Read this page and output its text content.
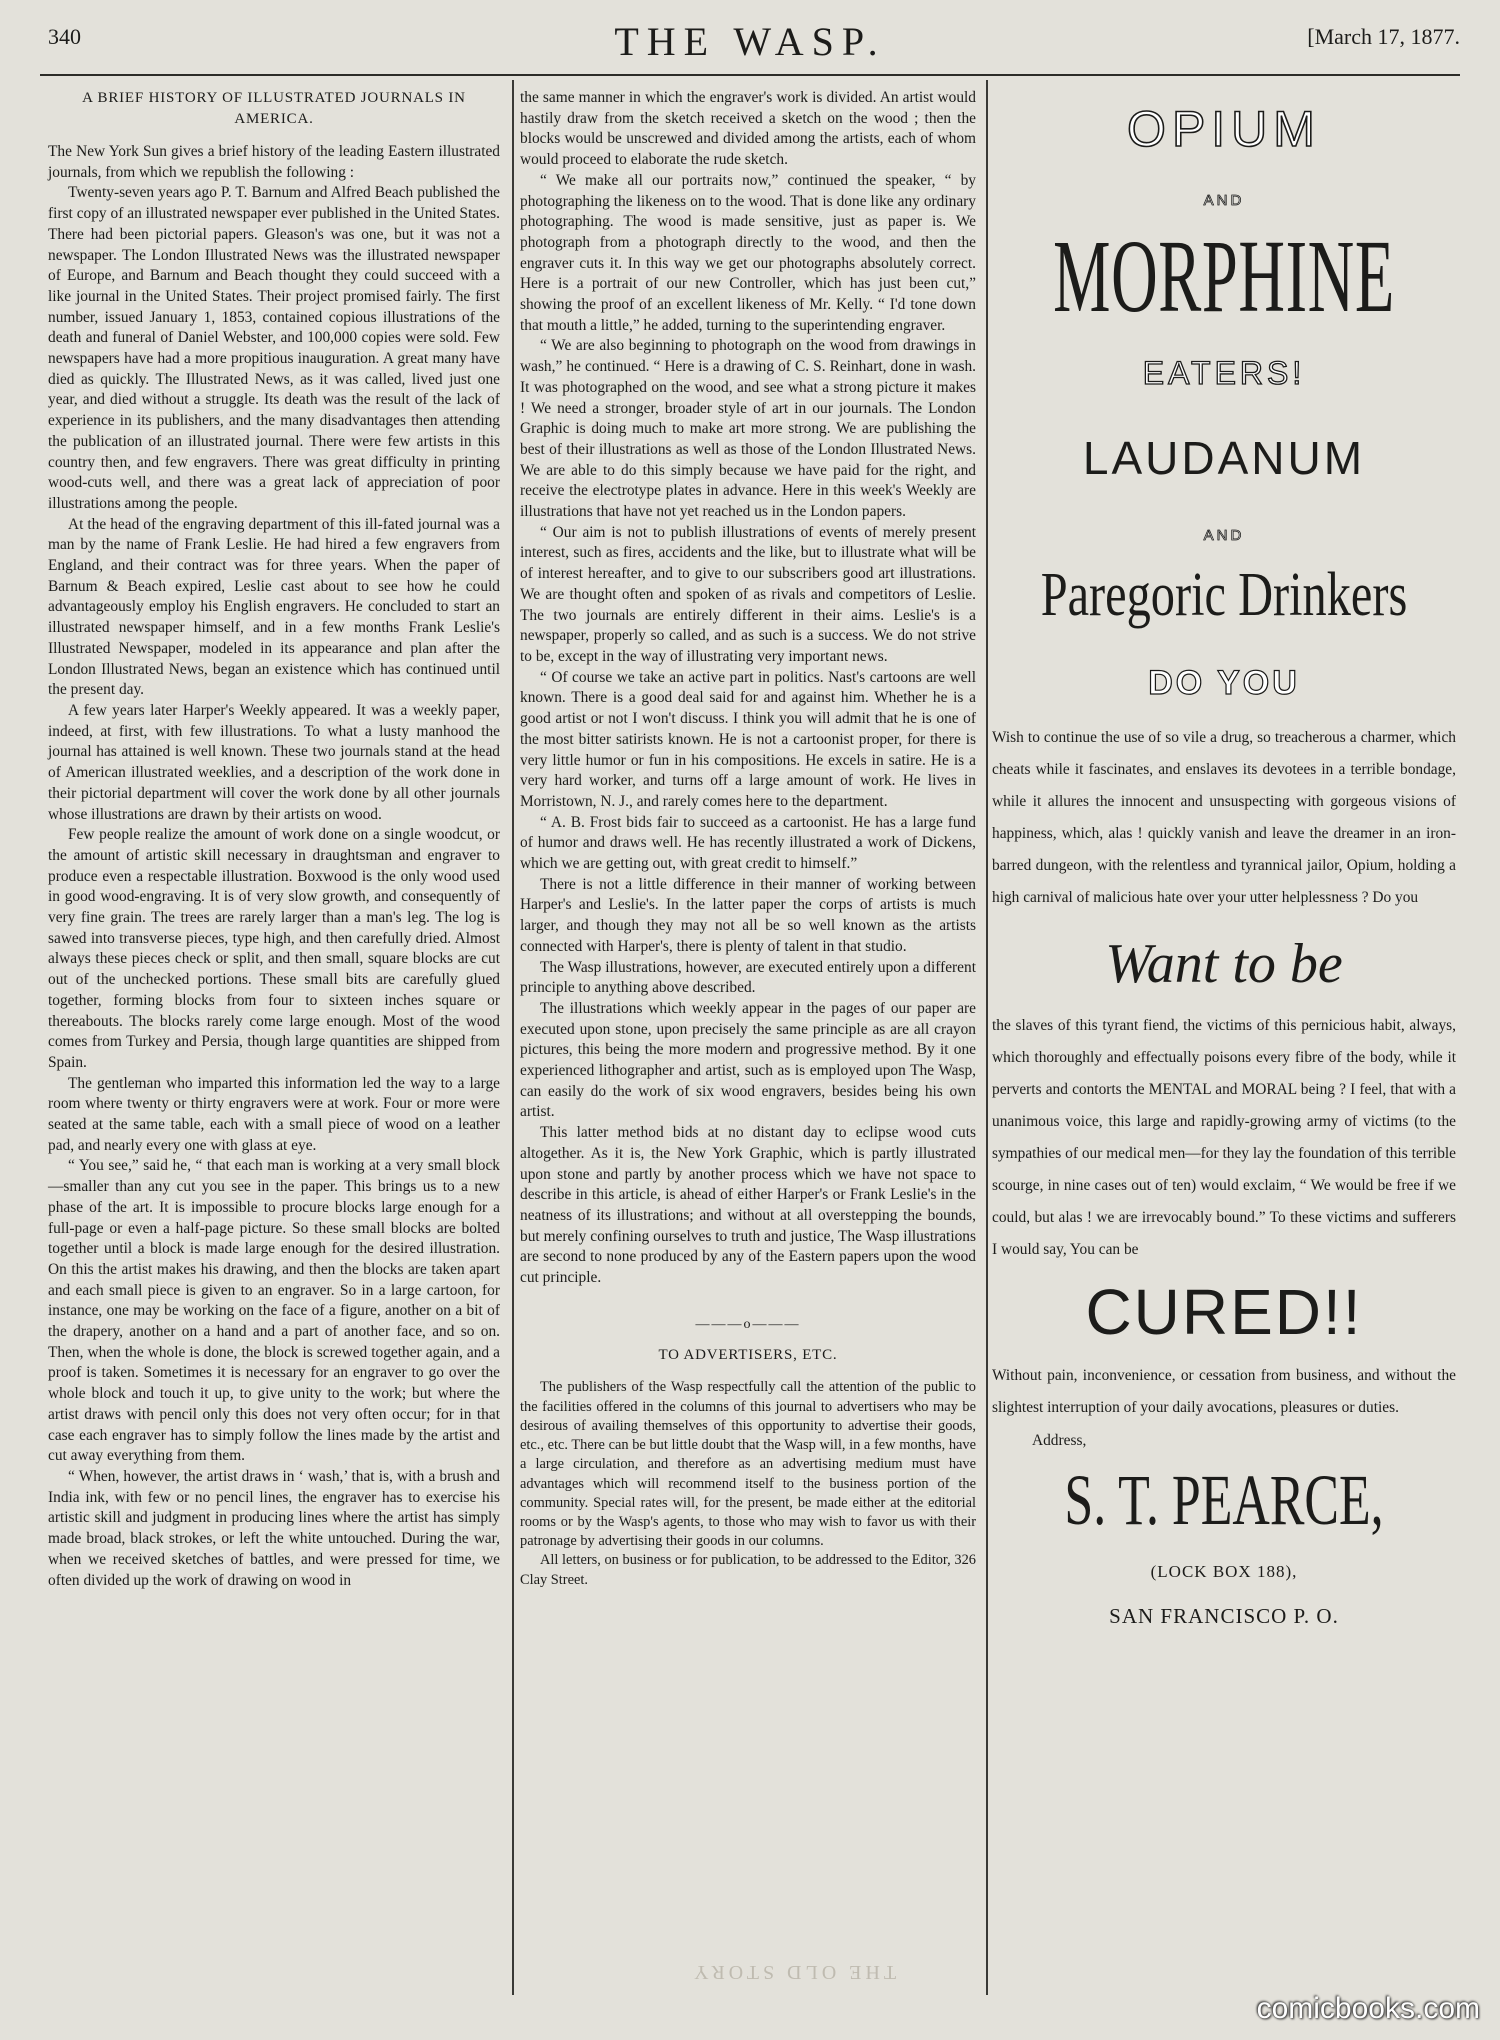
340	THE WASP.	[March 17, 1877.

A BRIEF HISTORY OF ILLUSTRATED JOURNALS IN AMERICA.

The New York Sun gives a brief history of the leading Eastern illustrated journals, from which we republish the following :

Twenty-seven years ago P. T. Barnum and Alfred Beach published the first copy of an illustrated newspaper ever published in the United States. There had been pictorial papers. Gleason's was one, but it was not a newspaper. The London Illustrated News was the illustrated newspaper of Europe, and Barnum and Beach thought they could succeed with a like journal in the United States. Their project promised fairly. The first number, issued January 1, 1853, contained copious illustrations of the death and funeral of Daniel Webster, and 100,000 copies were sold. Few newspapers have had a more propitious inauguration. A great many have died as quickly. The Illustrated News, as it was called, lived just one year, and died without a struggle. Its death was the result of the lack of experience in its publishers, and the many disadvantages then attending the publication of an illustrated journal. There were few artists in this country then, and few engravers. There was great difficulty in printing wood-cuts well, and there was a great lack of appreciation of poor illustrations among the people.

At the head of the engraving department of this ill-fated journal was a man by the name of Frank Leslie. He had hired a few engravers from England, and their contract was for three years. When the paper of Barnum & Beach expired, Leslie cast about to see how he could advantageously employ his English engravers. He concluded to start an illustrated newspaper himself, and in a few months Frank Leslie's Illustrated Newspaper, modeled in its appearance and plan after the London Illustrated News, began an existence which has continued until the present day.

A few years later Harper's Weekly appeared. It was a weekly paper, indeed, at first, with few illustrations. To what a lusty manhood the journal has attained is well known. These two journals stand at the head of American illustrated weeklies, and a description of the work done in their pictorial department will cover the work done by all other journals whose illustrations are drawn by their artists on wood.

Few people realize the amount of work done on a single woodcut, or the amount of artistic skill necessary in draughtsman and engraver to produce even a respectable illustration. Boxwood is the only wood used in good wood-engraving. It is of very slow growth, and consequently of very fine grain. The trees are rarely larger than a man's leg. The log is sawed into transverse pieces, type high, and then carefully dried. Almost always these pieces check or split, and then small, square blocks are cut out of the unchecked portions. These small bits are carefully glued together, forming blocks from four to sixteen inches square or thereabouts. The blocks rarely come large enough. Most of the wood comes from Turkey and Persia, though large quantities are shipped from Spain.

The gentleman who imparted this information led the way to a large room where twenty or thirty engravers were at work. Four or more were seated at the same table, each with a small piece of wood on a leather pad, and nearly every one with glass at eye.

“ You see,” said he, “ that each man is working at a very small block—smaller than any cut you see in the paper. This brings us to a new phase of the art. It is impossible to procure blocks large enough for a full-page or even a half-page picture. So these small blocks are bolted together until a block is made large enough for the desired illustration. On this the artist makes his drawing, and then the blocks are taken apart and each small piece is given to an engraver. So in a large cartoon, for instance, one may be working on the face of a figure, another on a bit of the drapery, another on a hand and a part of another face, and so on. Then, when the whole is done, the block is screwed together again, and a proof is taken. Sometimes it is necessary for an engraver to go over the whole block and touch it up, to give unity to the work; but where the artist draws with pencil only this does not very often occur; for in that case each engraver has to simply follow the lines made by the artist and cut away everything from them.

“ When, however, the artist draws in ‘ wash,’ that is, with a brush and India ink, with few or no pencil lines, the engraver has to exercise his artistic skill and judgment in producing lines where the artist has simply made broad, black strokes, or left the white untouched. During the war, when we received sketches of battles, and were pressed for time, we often divided up the work of drawing on wood in

the same manner in which the engraver's work is divided. An artist would hastily draw from the sketch received a sketch on the wood ; then the blocks would be unscrewed and divided among the artists, each of whom would proceed to elaborate the rude sketch.

“ We make all our portraits now,” continued the speaker, “ by photographing the likeness on to the wood. That is done like any ordinary photographing. The wood is made sensitive, just as paper is. We photograph from a photograph directly to the wood, and then the engraver cuts it. In this way we get our photographs absolutely correct. Here is a portrait of our new Controller, which has just been cut,” showing the proof of an excellent likeness of Mr. Kelly. “ I'd tone down that mouth a little,” he added, turning to the superintending engraver.

“ We are also beginning to photograph on the wood from drawings in wash,” he continued. “ Here is a drawing of C. S. Reinhart, done in wash. It was photographed on the wood, and see what a strong picture it makes ! We need a stronger, broader style of art in our journals. The London Graphic is doing much to make art more strong. We are publishing the best of their illustrations as well as those of the London Illustrated News. We are able to do this simply because we have paid for the right, and receive the electrotype plates in advance. Here in this week's Weekly are illustrations that have not yet reached us in the London papers.

“ Our aim is not to publish illustrations of events of merely present interest, such as fires, accidents and the like, but to illustrate what will be of interest hereafter, and to give to our subscribers good art illustrations. We are thought often and spoken of as rivals and competitors of Leslie. The two journals are entirely different in their aims. Leslie's is a newspaper, properly so called, and as such is a success. We do not strive to be, except in the way of illustrating very important news.

“ Of course we take an active part in politics. Nast's cartoons are well known. There is a good deal said for and against him. Whether he is a good artist or not I won't discuss. I think you will admit that he is one of the most bitter satirists known. He is not a cartoonist proper, for there is very little humor or fun in his compositions. He excels in satire. He is a very hard worker, and turns off a large amount of work. He lives in Morristown, N. J., and rarely comes here to the department.

“ A. B. Frost bids fair to succeed as a cartoonist. He has a large fund of humor and draws well. He has recently illustrated a work of Dickens, which we are getting out, with great credit to himself.”

There is not a little difference in their manner of working between Harper's and Leslie's. In the latter paper the corps of artists is much larger, and though they may not all be so well known as the artists connected with Harper's, there is plenty of talent in that studio.

The Wasp illustrations, however, are executed entirely upon a different principle to anything above described.

The illustrations which weekly appear in the pages of our paper are executed upon stone, upon precisely the same principle as are all crayon pictures, this being the more modern and progressive method. By it one experienced lithographer and artist, such as is employed upon The Wasp, can easily do the work of six wood engravers, besides being his own artist.

This latter method bids at no distant day to eclipse wood cuts altogether. As it is, the New York Graphic, which is partly illustrated upon stone and partly by another process which we have not space to describe in this article, is ahead of either Harper's or Frank Leslie's in the neatness of its illustrations; and without at all overstepping the bounds, but merely confining ourselves to truth and justice, The Wasp illustrations are second to none produced by any of the Eastern papers upon the wood cut principle.

———o———

TO ADVERTISERS, ETC.

The publishers of the Wasp respectfully call the attention of the public to the facilities offered in the columns of this journal to advertisers who may be desirous of availing themselves of this opportunity to advertise their goods, etc., etc. There can be but little doubt that the Wasp will, in a few months, have a large circulation, and therefore as an advertising medium must have advantages which will recommend itself to the business portion of the community. Special rates will, for the present, be made either at the editorial rooms or by the Wasp's agents, to those who may wish to favor us with their patronage by advertising their goods in our columns.

All letters, on business or for publication, to be addressed to the Editor, 326 Clay Street.

OPIUM
AND
MORPHINE
EATERS!
LAUDANUM
AND
Paregoric Drinkers
DO YOU

Wish to continue the use of so vile a drug, so treacherous a charmer, which cheats while it fascinates, and enslaves its devotees in a terrible bondage, while it allures the innocent and unsuspecting with gorgeous visions of happiness, which, alas ! quickly vanish and leave the dreamer in an iron-barred dungeon, with the relentless and tyrannical jailor, Opium, holding a high carnival of malicious hate over your utter helplessness ? Do you

Want to be

the slaves of this tyrant fiend, the victims of this pernicious habit, always, which thoroughly and effectually poisons every fibre of the body, while it perverts and contorts the MENTAL and MORAL being ? I feel, that with a unanimous voice, this large and rapidly-growing army of victims (to the sympathies of our medical men—for they lay the foundation of this terrible scourge, in nine cases out of ten) would exclaim, “ We would be free if we could, but alas ! we are irrevocably bound.” To these victims and sufferers I would say, You can be

CURED!!

Without pain, inconvenience, or cessation from business, and without the slightest interruption of your daily avocations, pleasures or duties.

Address,
S. T. PEARCE,
(LOCK BOX 188),
SAN FRANCISCO P. O.
THE OLD STORY
comicbooks.com
